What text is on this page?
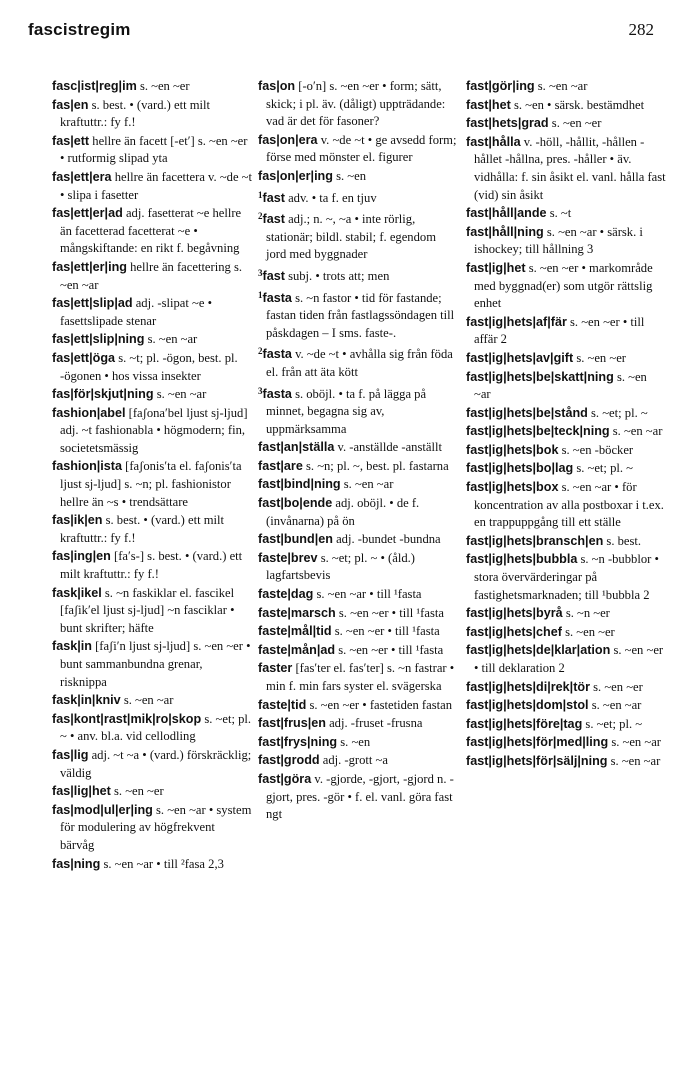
fascistregim	282

fasc|ist|reg|im s. ~en ~er

fas|en s. best. • (vard.) ett milt kraftuttr.: fy f.!

fas|ett hellre än facett [-et′] s. ~en ~er • rutformig slipad yta

fas|ett|era hellre än facettera v. ~de ~t • slipa i fasetter

fas|ett|er|ad adj. fasetterat ~e hellre än facetterad facetterat ~e • mångskiftande: en rikt f. begåvning

fas|ett|er|ing hellre än facettering s. ~en ~ar

fas|ett|slip|ad adj. -slipat ~e • fasettslipade stenar

fas|ett|slip|ning s. ~en ~ar

fas|ett|öga s. ~t; pl. -ögon, best. pl. -ögonen • hos vissa insekter

fas|för|skjut|ning s. ~en ~ar

fashion|abel [faʃona′bel ljust sj-ljud] adj. ~t fashionabla • högmodern; fin, societetsmässig

fashion|ista [faʃonis′ta el. faʃonis′ta ljust sj-ljud] s. ~n; pl. fashionistor hellre än ~s • trendsättare

fas|ik|en s. best. • (vard.) ett milt kraftuttr.: fy f.!

fas|ing|en [fa′s-] s. best. • (vard.) ett milt kraftuttr.: fy f.!

fask|ikel s. ~n faskiklar el. fascikel [faʃik′el ljust sj-ljud] ~n fasciklar • bunt skrifter; häfte

fask|in [faʃi′n ljust sj-ljud] s. ~en ~er • bunt sammanbundna grenar, risknippa

fask|in|kniv s. ~en ~ar

fas|kont|rast|mik|ro|skop s. ~et; pl. ~ • anv. bl.a. vid cellodling

fas|lig adj. ~t ~a • (vard.) förskräcklig; väldig

fas|lig|het s. ~en ~er

fas|mod|ul|er|ing s. ~en ~ar • system för modulering av högfrekvent bärvåg

fas|ning s. ~en ~ar • till ²fasa 2,3

fas|on [-o′n] s. ~en ~er • form; sätt, skick; i pl. äv. (dåligt) uppträdande: vad är det för fasoner?

fas|on|era v. ~de ~t • ge avsedd form; förse med mönster el. figurer

fas|on|er|ing s. ~en

$^1$fast adv. • ta f. en tjuv

$^2$fast adj.; n. ~, ~a • inte rörlig, stationär; bildl. stabil; f. egendom jord med byggnader

$^3$fast subj. • trots att; men

$^1$fasta s. ~n fastor • tid för fastande; fastan tiden från fastlagssöndagen till påskdagen – I sms. faste-.

$^2$fasta v. ~de ~t • avhålla sig från föda el. från att äta kött

$^3$fasta s. oböjl. • ta f. på lägga på minnet, begagna sig av, uppmärksamma

fast|an|ställa v. -anställde -anställt

fast|are s. ~n; pl. ~, best. pl. fastarna

fast|bind|ning s. ~en ~ar

fast|bo|ende adj. oböjl. • de f. (invånarna) på ön

fast|bund|en adj. -bundet -bundna

faste|brev s. ~et; pl. ~ • (åld.) lagfartsbevis

faste|dag s. ~en ~ar • till ¹fasta

faste|marsch s. ~en ~er • till ¹fasta

faste|mål|tid s. ~en ~er • till ¹fasta

faste|mån|ad s. ~en ~er • till ¹fasta

faster [fas′ter el. fas′ter] s. ~n fastrar • min f. min fars syster el. svägerska

faste|tid s. ~en ~er • fastetiden fastan

fast|frus|en adj. -fruset -frusna

fast|frys|ning s. ~en

fast|grodd adj. -grott ~a

fast|göra v. -gjorde, -gjort, -gjord n. -gjort, pres. -gör • f. el. vanl. göra fast ngt

fast|gör|ing s. ~en ~ar

fast|het s. ~en • särsk. bestämdhet

fast|hets|grad s. ~en ~er

fast|hålla v. -höll, -hållit, -hållen -hållet -hållna, pres. -håller • äv. vidhålla: f. sin åsikt el. vanl. hålla fast (vid) sin åsikt

fast|håll|ande s. ~t

fast|håll|ning s. ~en ~ar • särsk. i ishockey; till hållning 3

fast|ig|het s. ~en ~er • markområde med byggnad(er) som utgör rättslig enhet

fast|ig|hets|af|fär s. ~en ~er • till affär 2

fast|ig|hets|av|gift s. ~en ~er

fast|ig|hets|be|skatt|ning s. ~en ~ar

fast|ig|hets|be|stånd s. ~et; pl. ~

fast|ig|hets|be|teck|ning s. ~en ~ar

fast|ig|hets|bok s. ~en -böcker

fast|ig|hets|bo|lag s. ~et; pl. ~

fast|ig|hets|box s. ~en ~ar • för koncentration av alla postboxar i t.ex. en trappuppgång till ett ställe

fast|ig|hets|bransch|en s. best.

fast|ig|hets|bubbla s. ~n -bubblor • stora övervärderingar på fastighetsmarknaden; till ¹bubbla 2

fast|ig|hets|byrå s. ~n ~er

fast|ig|hets|chef s. ~en ~er

fast|ig|hets|de|klar|ation s. ~en ~er • till deklaration 2

fast|ig|hets|di|rek|tör s. ~en ~er

fast|ig|hets|dom|stol s. ~en ~ar

fast|ig|hets|före|tag s. ~et; pl. ~

fast|ig|hets|för|med|ling s. ~en ~ar

fast|ig|hets|för|sälj|ning s. ~en ~ar
